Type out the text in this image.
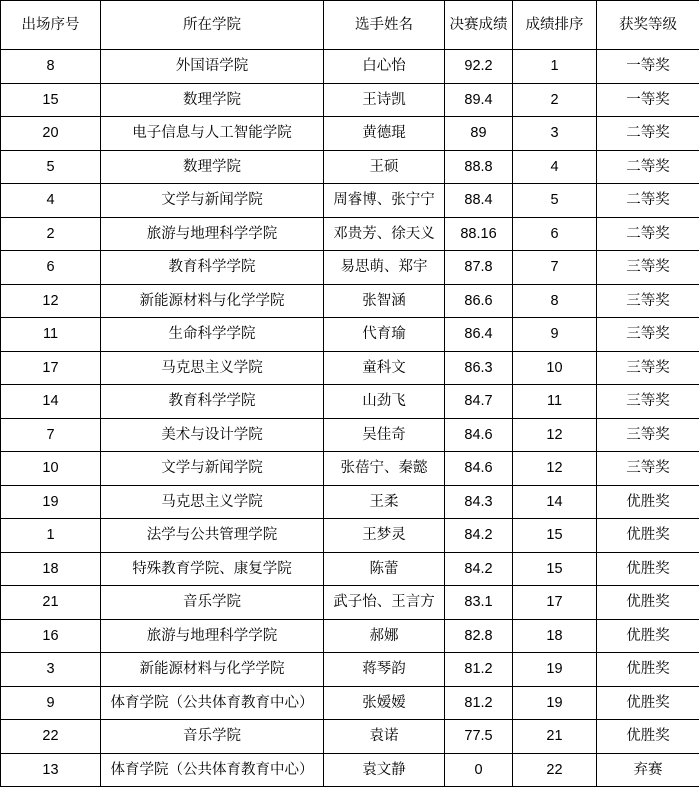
出场序号	所在学院	选手姓名	决赛成绩	成绩排序	获奖等级
8	外国语学院	白心怡	92.2	1	一等奖
15	数理学院	王诗凯	89.4	2	一等奖
20	电子信息与人工智能学院	黄德琨	89	3	二等奖
5	数理学院	王硕	88.8	4	二等奖
4	文学与新闻学院	周睿博、张宁宁	88.4	5	二等奖
2	旅游与地理科学学院	邓贵芳、徐天义	88.16	6	二等奖
6	教育科学学院	易思萌、郑宇	87.8	7	三等奖
12	新能源材料与化学学院	张智涵	86.6	8	三等奖
11	生命科学学院	代育瑜	86.4	9	三等奖
17	马克思主义学院	童科文	86.3	10	三等奖
14	教育科学学院	山劲飞	84.7	11	三等奖
7	美术与设计学院	吴佳奇	84.6	12	三等奖
10	文学与新闻学院	张蓓宁、秦懿	84.6	12	三等奖
19	马克思主义学院	王柔	84.3	14	优胜奖
1	法学与公共管理学院	王梦灵	84.2	15	优胜奖
18	特殊教育学院、康复学院	陈蕾	84.2	15	优胜奖
21	音乐学院	武子怡、王言方	83.1	17	优胜奖
16	旅游与地理科学学院	郝娜	82.8	18	优胜奖
3	新能源材料与化学学院	蒋琴韵	81.2	19	优胜奖
9	体育学院（公共体育教育中心）	张嫒嫒	81.2	19	优胜奖
22	音乐学院	袁诺	77.5	21	优胜奖
13	体育学院（公共体育教育中心）	袁文静	0	22	弃赛
